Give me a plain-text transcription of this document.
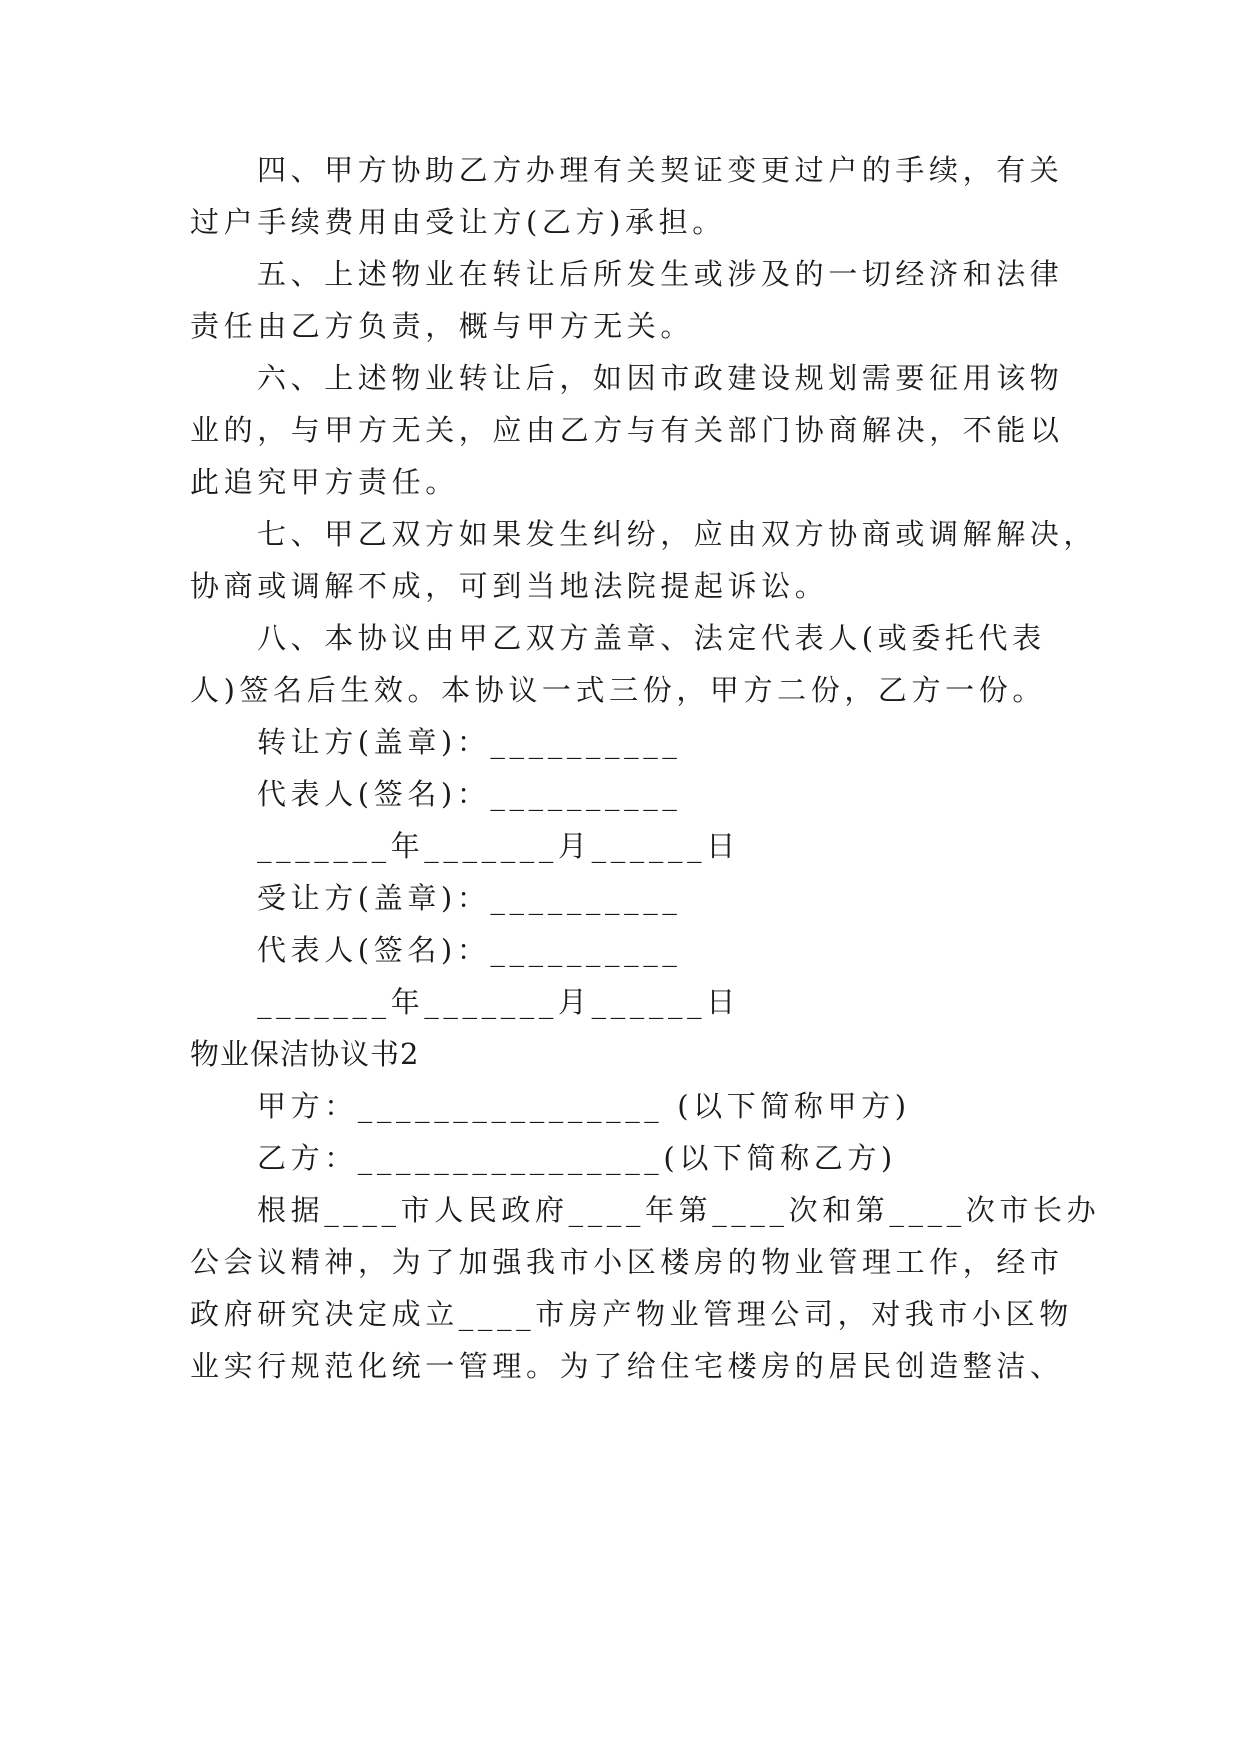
四、甲方协助乙方办理有关契证变更过户的手续，有关
过户手续费用由受让方(乙方)承担。
五、上述物业在转让后所发生或涉及的一切经济和法律
责任由乙方负责，概与甲方无关。
六、上述物业转让后，如因市政建设规划需要征用该物
业的，与甲方无关，应由乙方与有关部门协商解决，不能以
此追究甲方责任。
七、甲乙双方如果发生纠纷，应由双方协商或调解解决，
协商或调解不成，可到当地法院提起诉讼。
八、本协议由甲乙双方盖章、法定代表人(或委托代表
人)签名后生效。本协议一式三份，甲方二份，乙方一份。
转让方(盖章)：__________
代表人(签名)：__________
_______年_______月______日
受让方(盖章)：__________
代表人(签名)：__________
_______年_______月______日
物业保洁协议书2
甲方：________________ (以下简称甲方)
乙方：________________(以下简称乙方)
根据____市人民政府____年第____次和第____次市长办
公会议精神，为了加强我市小区楼房的物业管理工作，经市
政府研究决定成立____市房产物业管理公司，对我市小区物
业实行规范化统一管理。为了给住宅楼房的居民创造整洁、
